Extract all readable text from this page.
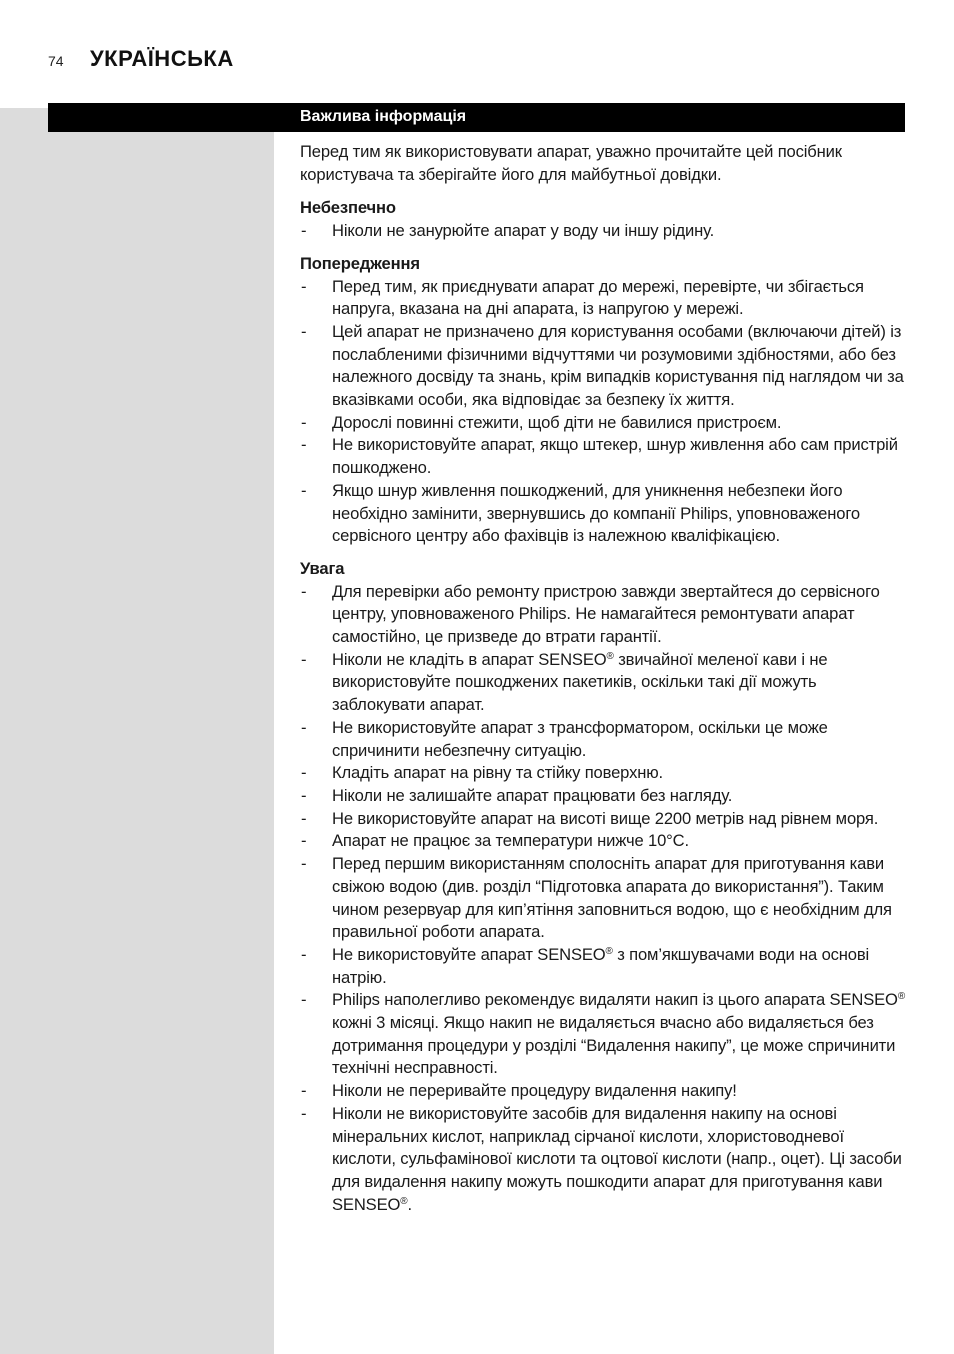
74 УКРАЇНСЬКА
Важлива інформація

Перед тим як використовувати апарат, уважно прочитайте цей посібник користувача та зберігайте його для майбутньої довідки.

Небезпечно
- Ніколи не занурюйте апарат у воду чи іншу рідину.
Попередження
- Перед тим, як приєднувати апарат до мережі, перевірте, чи збігається напруга, вказана на дні апарата, із напругою у мережі.
- Цей апарат не призначено для користування особами (включаючи дітей) із послабленими фізичними відчуттями чи розумовими здібностями, або без належного досвіду та знань, крім випадків користування під наглядом чи за вказівками особи, яка відповідає за безпеку їх життя.
- Дорослі повинні стежити, щоб діти не бавилися пристроєм.
- Не використовуйте апарат, якщо штекер, шнур живлення або сам пристрій пошкоджено.
- Якщо шнур живлення пошкоджений, для уникнення небезпеки його необхідно замінити, звернувшись до компанії Philips, уповноваженого сервісного центру або фахівців із належною кваліфікацією.
Увага
- Для перевірки або ремонту пристрою завжди звертайтеся до сервісного центру, уповноваженого Philips. Не намагайтеся ремонтувати апарат самостійно, це призведе до втрати гарантії.
- Ніколи не кладіть в апарат SENSEO® звичайної меленої кави і не використовуйте пошкоджених пакетиків, оскільки такі дії можуть заблокувати апарат.
- Не використовуйте апарат з трансформатором, оскільки це може спричинити небезпечну ситуацію.
- Кладіть апарат на рівну та стійку поверхню.
- Ніколи не залишайте апарат працювати без нагляду.
- Не використовуйте апарат на висоті вище 2200 метрів над рівнем моря.
- Апарат не працює за температури нижче 10°C.
- Перед першим використанням сполосніть апарат для приготування кави свіжою водою (див. розділ “Підготовка апарата до використання”). Таким чином резервуар для кип’ятіння заповниться водою, що є необхідним для правильної роботи апарата.
- Не використовуйте апарат SENSEO® з пом’якшувачами води на основі натрію.
- Philips наполегливо рекомендує видаляти накип із цього апарата SENSEO® кожні 3 місяці. Якщо накип не видаляється вчасно або видаляється без дотримання процедури у розділі “Видалення накипу”, це може спричинити технічні несправності.
- Ніколи не переривайте процедуру видалення накипу!
- Ніколи не використовуйте засобів для видалення накипу на основі мінеральних кислот, наприклад сірчаної кислоти, хлористоводневої кислоти, сульфамінової кислоти та оцтової кислоти (напр., оцет). Ці засоби для видалення накипу можуть пошкодити апарат для приготування кави SENSEO®.
